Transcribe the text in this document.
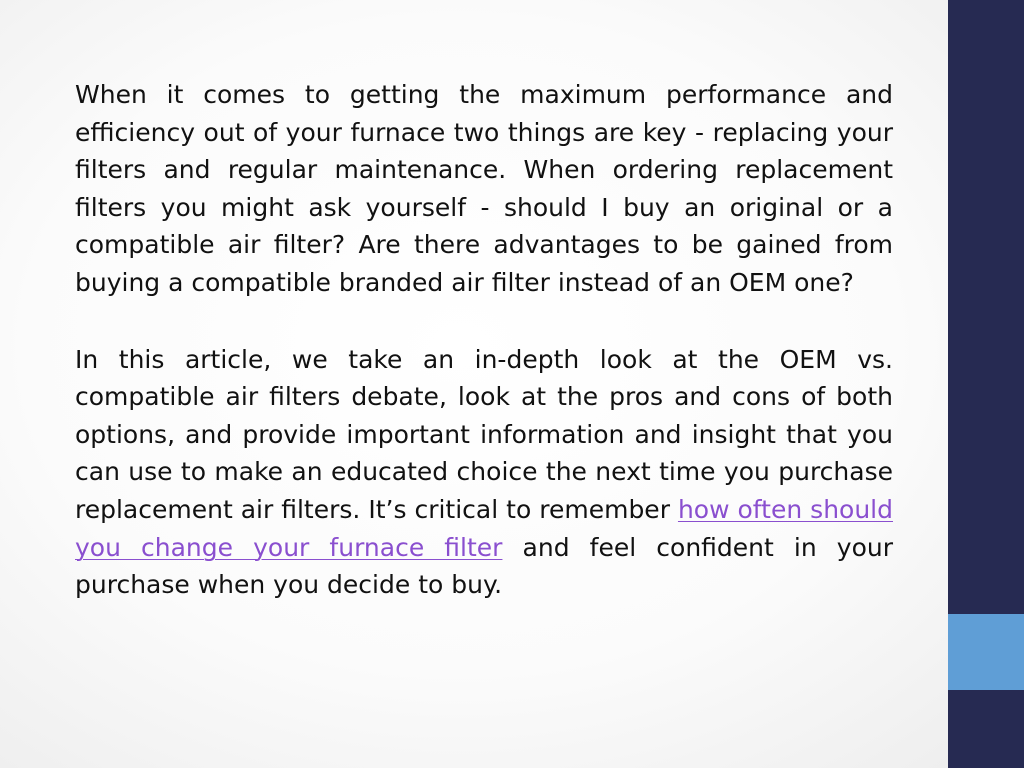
When it comes to getting the maximum performance and efficiency out of your furnace two things are key - replacing your filters and regular maintenance. When ordering replacement filters you might ask yourself - should I buy an original or a compatible air filter? Are there advantages to be gained from buying a compatible branded air filter instead of an OEM one?

In this article, we take an in-depth look at the OEM vs. compatible air filters debate, look at the pros and cons of both options, and provide important information and insight that you can use to make an educated choice the next time you purchase replacement air filters. It’s critical to remember how often should you change your furnace filter and feel confident in your purchase when you decide to buy.
